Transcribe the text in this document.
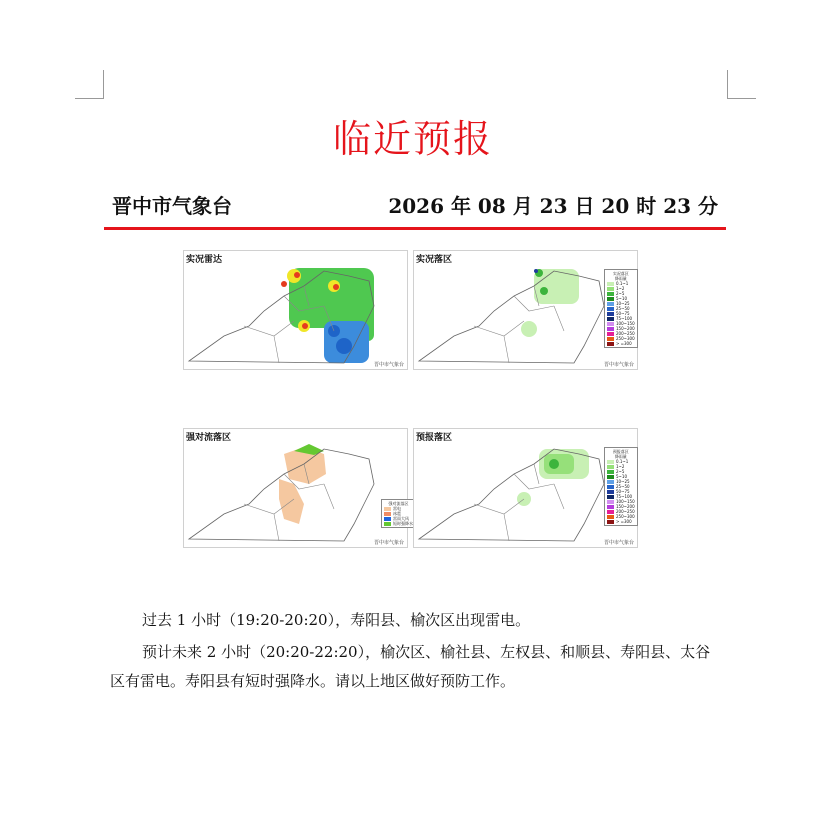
临近预报
晋中市气象台	2026 年 08 月 23 日 20 时 23 分
实况雷达
晋中市气象台
实况落区
实况落区
降雨量
0.1~1
1~2
2~5
5~10
10~25
25~50
50~75
75~100
100~150
150~200
200~250
250~300
> =300
晋中市气象台
强对流落区
强对流落区
雷电
冰雹
雷雨大风
短时强降水
晋中市气象台
预报落区
预报落区
降雨量
0.1~1
1~2
2~5
5~10
10~25
25~50
50~75
75~100
100~150
150~200
200~250
250~300
> =300
晋中市气象台
过去 1 小时（19:20-20:20），寿阳县、榆次区出现雷电。
预计未来 2 小时（20:20-22:20），榆次区、榆社县、左权县、和顺县、寿阳县、太谷区有雷电。寿阳县有短时强降水。请以上地区做好预防工作。
